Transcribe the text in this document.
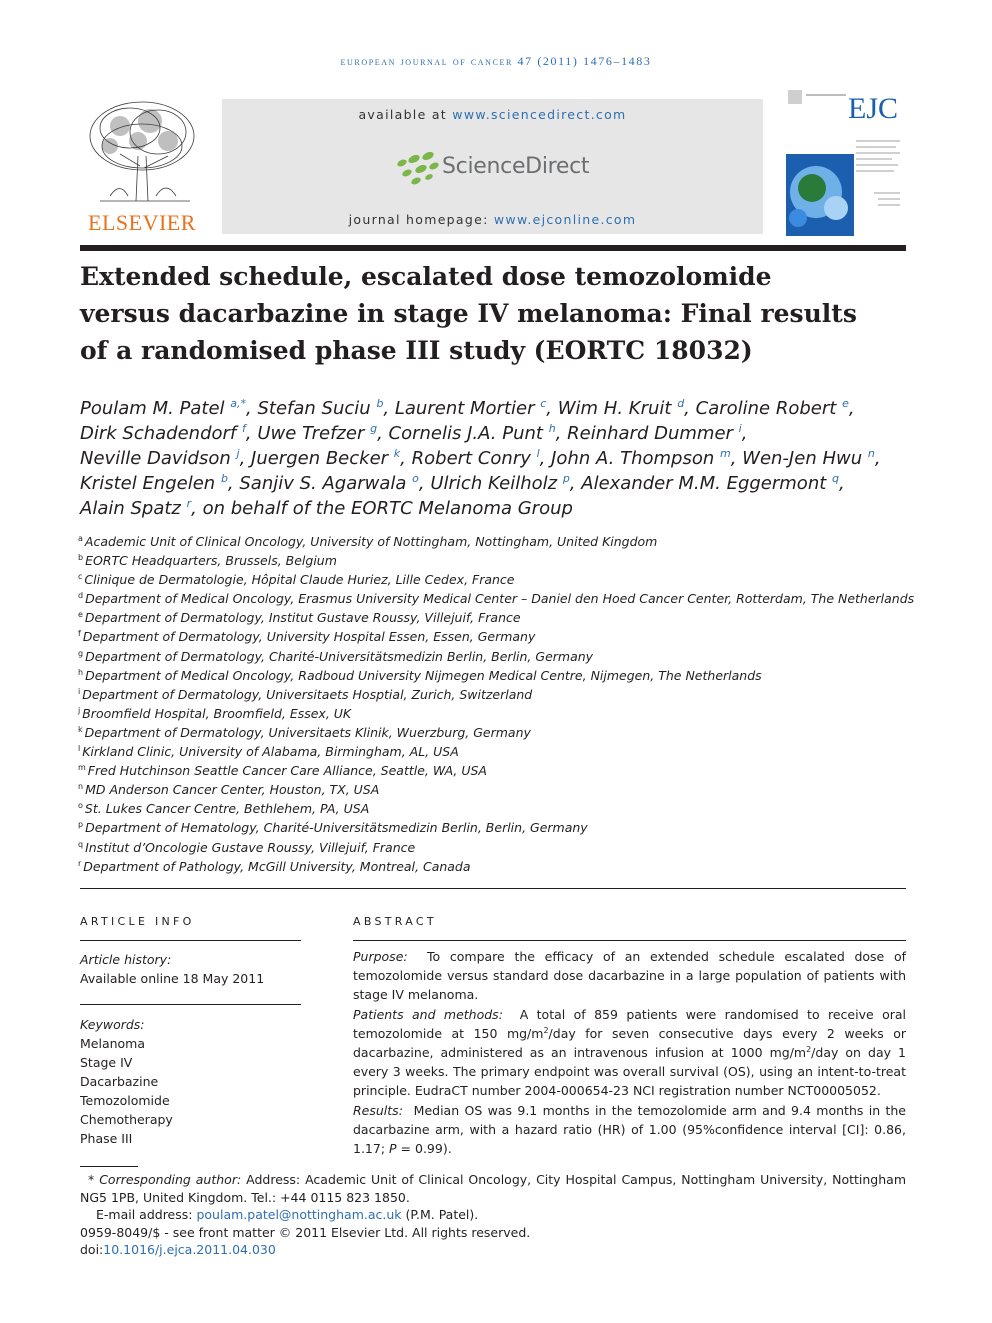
european journal of cancer 47 (2011) 1476–1483
ELSEVIER
available at www.sciencedirect.com
ScienceDirect
journal homepage: www.ejconline.com
EJC
Extended schedule, escalated dose temozolomide
versus dacarbazine in stage IV melanoma: Final results
of a randomised phase III study (EORTC 18032)
Poulam M. Patel $^{a,*}$, Stefan Suciu $^b$, Laurent Mortier $^c$, Wim H. Kruit $^d$, Caroline Robert $^e$,
Dirk Schadendorf $^f$, Uwe Trefzer $^g$, Cornelis J.A. Punt $^h$, Reinhard Dummer $^i$,
Neville Davidson $^j$, Juergen Becker $^k$, Robert Conry $^l$, John A. Thompson $^m$, Wen-Jen Hwu $^n$,
Kristel Engelen $^b$, Sanjiv S. Agarwala $^o$, Ulrich Keilholz $^p$, Alexander M.M. Eggermont $^q$,
Alain Spatz $^r$, on behalf of the EORTC Melanoma Group
$^a$ Academic Unit of Clinical Oncology, University of Nottingham, Nottingham, United Kingdom
$^b$ EORTC Headquarters, Brussels, Belgium
$^c$ Clinique de Dermatologie, Hôpital Claude Huriez, Lille Cedex, France
$^d$ Department of Medical Oncology, Erasmus University Medical Center – Daniel den Hoed Cancer Center, Rotterdam, The Netherlands
$^e$ Department of Dermatology, Institut Gustave Roussy, Villejuif, France
$^f$ Department of Dermatology, University Hospital Essen, Essen, Germany
$^g$ Department of Dermatology, Charité-Universitätsmedizin Berlin, Berlin, Germany
$^h$ Department of Medical Oncology, Radboud University Nijmegen Medical Centre, Nijmegen, The Netherlands
$^i$ Department of Dermatology, Universitaets Hosptial, Zurich, Switzerland
$^j$ Broomfield Hospital, Broomfield, Essex, UK
$^k$ Department of Dermatology, Universitaets Klinik, Wuerzburg, Germany
$^l$ Kirkland Clinic, University of Alabama, Birmingham, AL, USA
$^m$ Fred Hutchinson Seattle Cancer Care Alliance, Seattle, WA, USA
$^n$ MD Anderson Cancer Center, Houston, TX, USA
$^o$ St. Lukes Cancer Centre, Bethlehem, PA, USA
$^p$ Department of Hematology, Charité-Universitätsmedizin Berlin, Berlin, Germany
$^q$ Institut d’Oncologie Gustave Roussy, Villejuif, France
$^r$ Department of Pathology, McGill University, Montreal, Canada
ARTICLE INFO
Article history:
Available online 18 May 2011
Keywords:
Melanoma
Stage IV
Dacarbazine
Temozolomide
Chemotherapy
Phase III
ABSTRACT
Purpose: To compare the efficacy of an extended schedule escalated dose of temozolomide versus standard dose dacarbazine in a large population of patients with stage IV melanoma.
Patients and methods: A total of 859 patients were randomised to receive oral temozolomide at 150 $mg/m^2$/day for seven consecutive days every 2 weeks or dacarbazine, administered as an intravenous infusion at 1000 $mg/m^2$/day on day 1 every 3 weeks. The primary endpoint was overall survival (OS), using an intent-to-treat principle. EudraCT number 2004-000654-23 NCI registration number NCT00005052.
Results: Median OS was 9.1 months in the temozolomide arm and 9.4 months in the dacarbazine arm, with a hazard ratio (HR) of 1.00 (95%confidence interval [CI]: 0.86, 1.17; P = 0.99).
* Corresponding author: Address: Academic Unit of Clinical Oncology, City Hospital Campus, Nottingham University, Nottingham NG5 1PB, United Kingdom. Tel.: +44 0115 823 1850.
E-mail address: poulam.patel@nottingham.ac.uk (P.M. Patel).
0959-8049/$ - see front matter © 2011 Elsevier Ltd. All rights reserved.
doi:10.1016/j.ejca.2011.04.030
